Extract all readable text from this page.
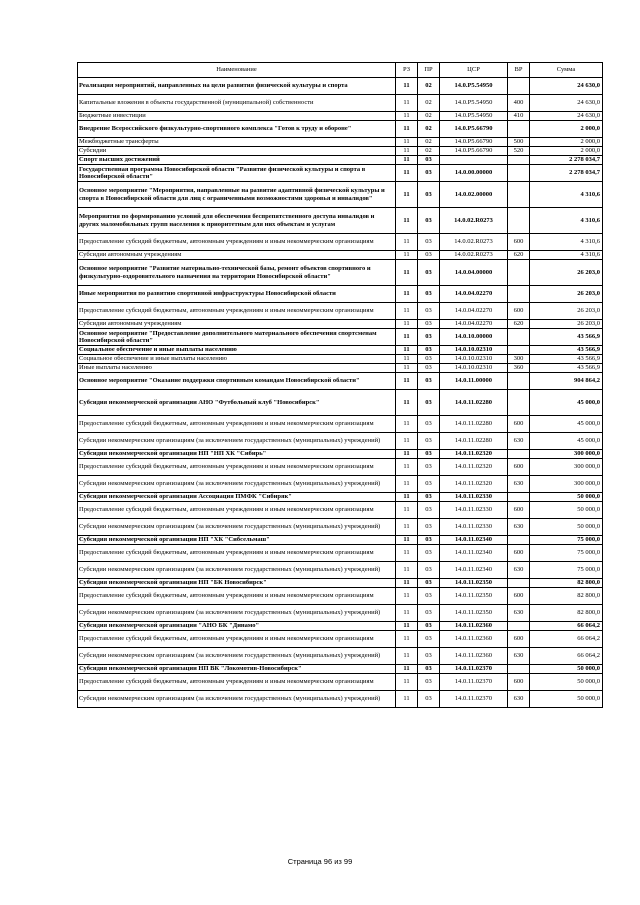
Наименование	РЗ	ПР	ЦСР	ВР	Сумма
Реализация мероприятий, направленных на цели развития физической культуры и спорта	11	02	14.0.P5.54950		24 630,0
Капитальные вложения в объекты государственной (муниципальной) собственности	11	02	14.0.P5.54950	400	24 630,0
Бюджетные инвестиции	11	02	14.0.P5.54950	410	24 630,0
Внедрение Всероссийского физкультурно-спортивного комплекса "Готов к труду и обороне"	11	02	14.0.P5.66790		2 000,0
Межбюджетные трансферты	11	02	14.0.P5.66790	500	2 000,0
Субсидии	11	02	14.0.P5.66790	520	2 000,0
Спорт высших достижений	11	03			2 278 034,7
Государственная программа Новосибирской области "Развитие физической культуры и спорта в Новосибирской области"	11	03	14.0.00.00000		2 278 034,7
Основное мероприятие "Мероприятия, направленные на развитие адаптивной физической культуры и спорта в Новосибирской области для лиц с ограниченными возможностями здоровья и инвалидов"	11	03	14.0.02.00000		4 310,6
Мероприятия по формированию условий для обеспечения беспрепятственного доступа инвалидов и других маломобильных групп населения к приоритетным для них объектам и услугам	11	03	14.0.02.R0273		4 310,6
Предоставление субсидий бюджетным, автономным учреждениям и иным некоммерческим организациям	11	03	14.0.02.R0273	600	4 310,6
Субсидии автономным учреждениям	11	03	14.0.02.R0273	620	4 310,6
Основное мероприятие "Развитие материально-технической базы, ремонт объектов спортивного и физкультурно-оздоровительного назначения на территории Новосибирской области"	11	03	14.0.04.00000		26 203,0
Иные мероприятия по развитию спортивной инфраструктуры Новосибирской области	11	03	14.0.04.02270		26 203,0
Предоставление субсидий бюджетным, автономным учреждениям и иным некоммерческим организациям	11	03	14.0.04.02270	600	26 203,0
Субсидии автономным учреждениям	11	03	14.0.04.02270	620	26 203,0
Основное мероприятие "Предоставление дополнительного материального обеспечения спортсменам Новосибирской области"	11	03	14.0.10.00000		43 566,9
Социальное обеспечение и иные выплаты населению	11	03	14.0.10.02310		43 566,9
Социальное обеспечение и иные выплаты населению	11	03	14.0.10.02310	300	43 566,9
Иные выплаты населению	11	03	14.0.10.02310	360	43 566,9
Основное мероприятие "Оказание поддержки спортивным командам Новосибирской области"	11	03	14.0.11.00000		904 864,2
Субсидия некоммерческой организации АНО "Футбольный клуб "Новосибирск"	11	03	14.0.11.02280		45 000,0
Предоставление субсидий бюджетным, автономным учреждениям и иным некоммерческим организациям	11	03	14.0.11.02280	600	45 000,0
Субсидии некоммерческим организациям (за исключением государственных (муниципальных) учреждений)	11	03	14.0.11.02280	630	45 000,0
Субсидия некоммерческой организации НП "НП ХК "Сибирь"	11	03	14.0.11.02320		300 000,0
Предоставление субсидий бюджетным, автономным учреждениям и иным некоммерческим организациям	11	03	14.0.11.02320	600	300 000,0
Субсидии некоммерческим организациям (за исключением государственных (муниципальных) учреждений)	11	03	14.0.11.02320	630	300 000,0
Субсидия некоммерческой организации Ассоциация ПМФК "Сибиряк"	11	03	14.0.11.02330		50 000,0
Предоставление субсидий бюджетным, автономным учреждениям и иным некоммерческим организациям	11	03	14.0.11.02330	600	50 000,0
Субсидии некоммерческим организациям (за исключением государственных (муниципальных) учреждений)	11	03	14.0.11.02330	630	50 000,0
Субсидия некоммерческой организации НП "ХК "Сибсельмаш"	11	03	14.0.11.02340		75 000,0
Предоставление субсидий бюджетным, автономным учреждениям и иным некоммерческим организациям	11	03	14.0.11.02340	600	75 000,0
Субсидии некоммерческим организациям (за исключением государственных (муниципальных) учреждений)	11	03	14.0.11.02340	630	75 000,0
Субсидия некоммерческой организации НП "БК Новосибирск"	11	03	14.0.11.02350		82 800,0
Предоставление субсидий бюджетным, автономным учреждениям и иным некоммерческим организациям	11	03	14.0.11.02350	600	82 800,0
Субсидии некоммерческим организациям (за исключением государственных (муниципальных) учреждений)	11	03	14.0.11.02350	630	82 800,0
Субсидия некоммерческой организации "АНО БК "Динамо"	11	03	14.0.11.02360		66 064,2
Предоставление субсидий бюджетным, автономным учреждениям и иным некоммерческим организациям	11	03	14.0.11.02360	600	66 064,2
Субсидии некоммерческим организациям (за исключением государственных (муниципальных) учреждений)	11	03	14.0.11.02360	630	66 064,2
Субсидия некоммерческой организации НП ВК "Локомотив-Новосибирск"	11	03	14.0.11.02370		50 000,0
Предоставление субсидий бюджетным, автономным учреждениям и иным некоммерческим организациям	11	03	14.0.11.02370	600	50 000,0
Субсидии некоммерческим организациям (за исключением государственных (муниципальных) учреждений)	11	03	14.0.11.02370	630	50 000,0
Страница 96 из 99
